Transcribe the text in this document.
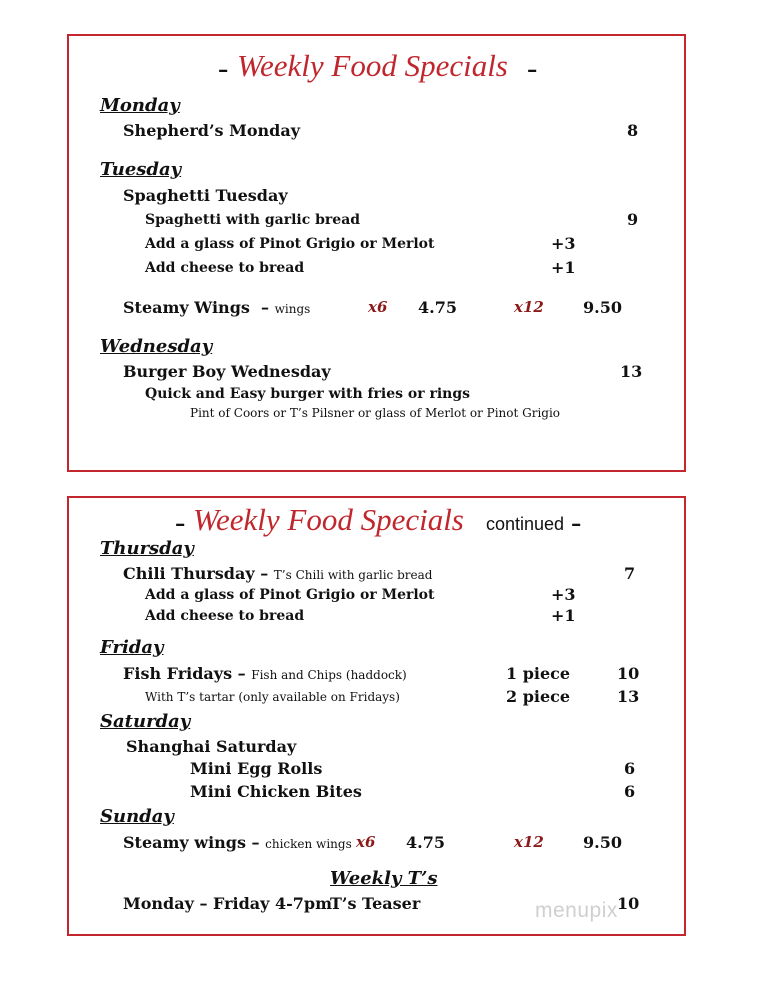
- Weekly Food Specials -
Monday
Shepherd’s Monday	8
Tuesday
Spaghetti Tuesday
Spaghetti with garlic bread	9
Add a glass of Pinot Grigio or Merlot	+3
Add cheese to bread	+1
Steamy Wings – wings	x6 4.75	x12 9.50
Wednesday
Burger Boy Wednesday	13
Quick and Easy burger with fries or rings
Pint of Coors or T’s Pilsner or glass of Merlot or Pinot Grigio
- Weekly Food Specials continued -
Thursday
Chili Thursday – T’s Chili with garlic bread	7
Add a glass of Pinot Grigio or Merlot	+3
Add cheese to bread	+1
Friday
Fish Fridays – Fish and Chips (haddock)	1 piece	10
With T’s tartar (only available on Fridays)	2 piece	13
Saturday
Shanghai Saturday
Mini Egg Rolls	6
Mini Chicken Bites	6
Sunday
Steamy wings – chicken wings x6 4.75	x12 9.50
Weekly T’s
Monday – Friday 4-7pm
T’s Teaser	10
menupix
